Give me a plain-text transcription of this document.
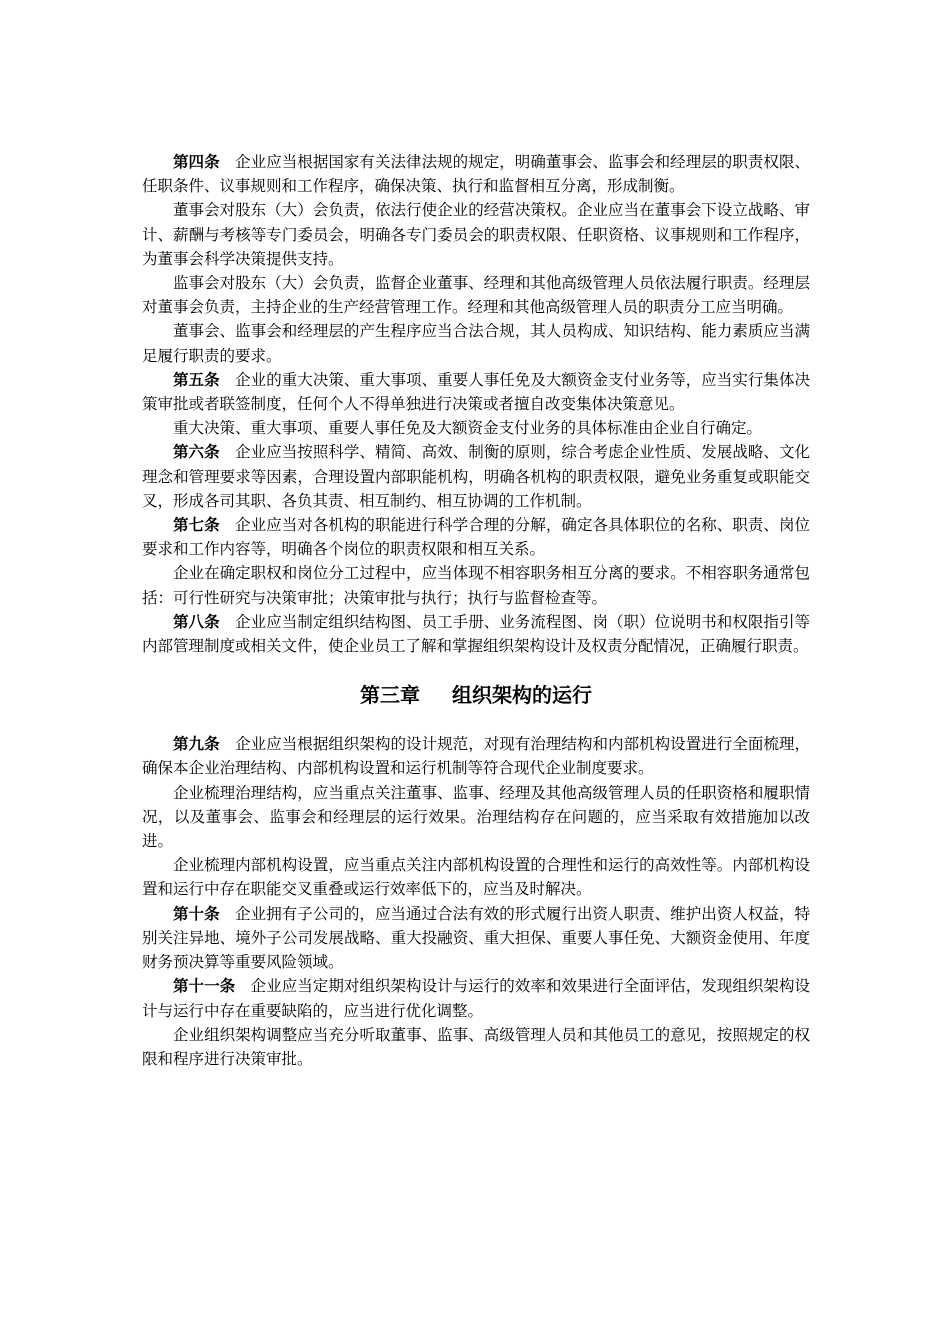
第四条 企业应当根据国家有关法律法规的规定，明确董事会、监事会和经理层的职责权限、任职条件、议事规则和工作程序，确保决策、执行和监督相互分离，形成制衡。

董事会对股东（大）会负责，依法行使企业的经营决策权。企业应当在董事会下设立战略、审计、薪酬与考核等专门委员会，明确各专门委员会的职责权限、任职资格、议事规则和工作程序，为董事会科学决策提供支持。

监事会对股东（大）会负责，监督企业董事、经理和其他高级管理人员依法履行职责。经理层对董事会负责，主持企业的生产经营管理工作。经理和其他高级管理人员的职责分工应当明确。

董事会、监事会和经理层的产生程序应当合法合规，其人员构成、知识结构、能力素质应当满足履行职责的要求。

第五条 企业的重大决策、重大事项、重要人事任免及大额资金支付业务等，应当实行集体决策审批或者联签制度，任何个人不得单独进行决策或者擅自改变集体决策意见。

重大决策、重大事项、重要人事任免及大额资金支付业务的具体标准由企业自行确定。

第六条 企业应当按照科学、精简、高效、制衡的原则，综合考虑企业性质、发展战略、文化理念和管理要求等因素，合理设置内部职能机构，明确各机构的职责权限，避免业务重复或职能交叉，形成各司其职、各负其责、相互制约、相互协调的工作机制。

第七条 企业应当对各机构的职能进行科学合理的分解，确定各具体职位的名称、职责、岗位要求和工作内容等，明确各个岗位的职责权限和相互关系。

企业在确定职权和岗位分工过程中，应当体现不相容职务相互分离的要求。不相容职务通常包括：可行性研究与决策审批；决策审批与执行；执行与监督检查等。

第八条 企业应当制定组织结构图、员工手册、业务流程图、岗（职）位说明书和权限指引等内部管理制度或相关文件，使企业员工了解和掌握组织架构设计及权责分配情况，正确履行职责。

第三章 组织架构的运行

第九条 企业应当根据组织架构的设计规范，对现有治理结构和内部机构设置进行全面梳理，确保本企业治理结构、内部机构设置和运行机制等符合现代企业制度要求。

企业梳理治理结构，应当重点关注董事、监事、经理及其他高级管理人员的任职资格和履职情况，以及董事会、监事会和经理层的运行效果。治理结构存在问题的，应当采取有效措施加以改进。

企业梳理内部机构设置，应当重点关注内部机构设置的合理性和运行的高效性等。内部机构设置和运行中存在职能交叉重叠或运行效率低下的，应当及时解决。

第十条 企业拥有子公司的，应当通过合法有效的形式履行出资人职责、维护出资人权益，特别关注异地、境外子公司发展战略、重大投融资、重大担保、重要人事任免、大额资金使用、年度财务预决算等重要风险领域。

第十一条 企业应当定期对组织架构设计与运行的效率和效果进行全面评估，发现组织架构设计与运行中存在重要缺陷的，应当进行优化调整。

企业组织架构调整应当充分听取董事、监事、高级管理人员和其他员工的意见，按照规定的权限和程序进行决策审批。
